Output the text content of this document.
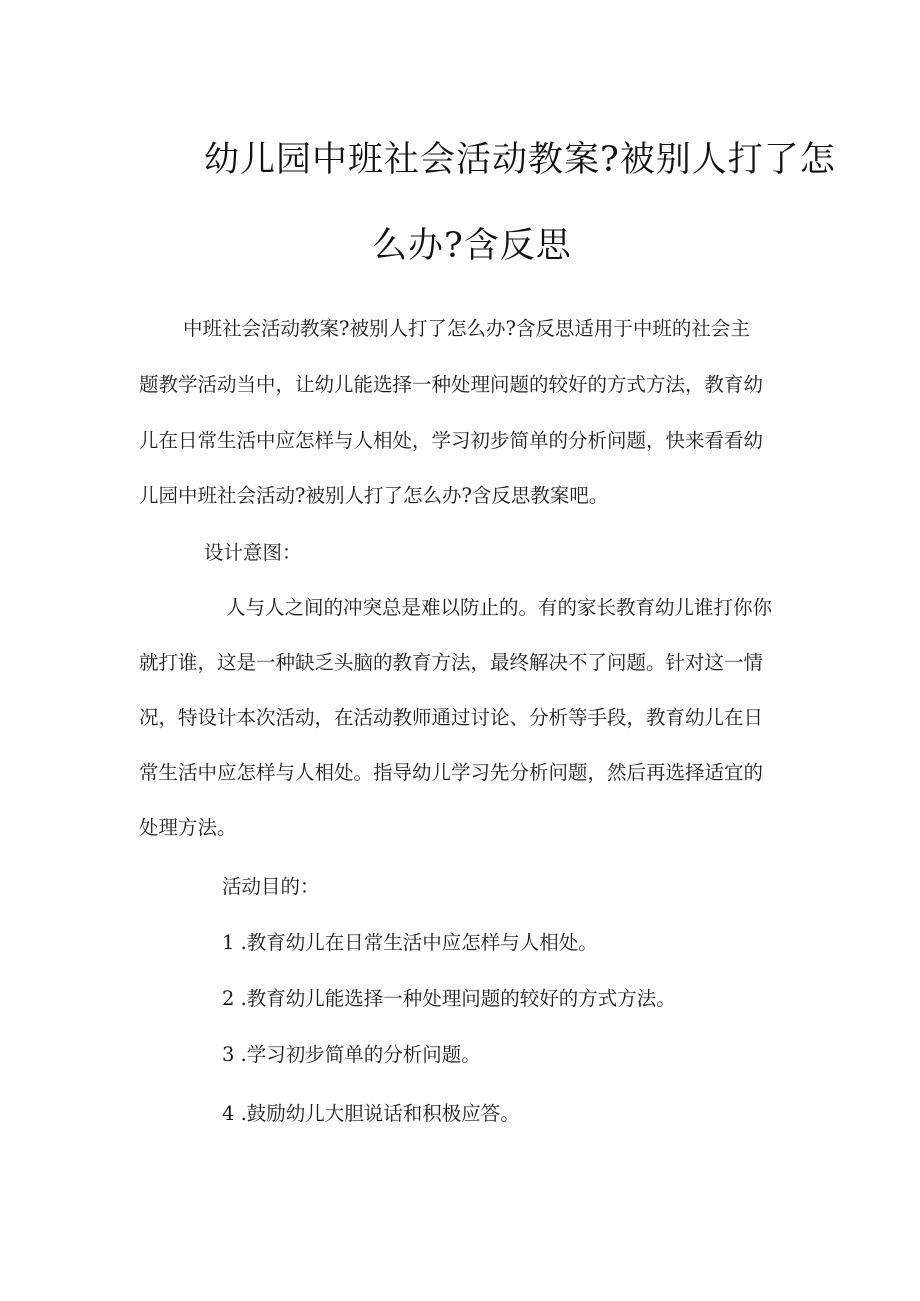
幼儿园中班社会活动教案?被别人打了怎
么办?含反思
中班社会活动教案?被别人打了怎么办?含反思适用于中班的社会主
题教学活动当中，让幼儿能选择一种处理问题的较好的方式方法，教育幼
儿在日常生活中应怎样与人相处，学习初步简单的分析问题，快来看看幼
儿园中班社会活动?被别人打了怎么办?含反思教案吧。
设计意图：
人与人之间的冲突总是难以防止的。有的家长教育幼儿谁打你你
就打谁，这是一种缺乏头脑的教育方法，最终解决不了问题。针对这一情
况，特设计本次活动，在活动教师通过讨论、分析等手段，教育幼儿在日
常生活中应怎样与人相处。指导幼儿学习先分析问题，然后再选择适宜的
处理方法。
活动目的：
1 .教育幼儿在日常生活中应怎样与人相处。
2 .教育幼儿能选择一种处理问题的较好的方式方法。
3 .学习初步简单的分析问题。
4 .鼓励幼儿大胆说话和积极应答。
